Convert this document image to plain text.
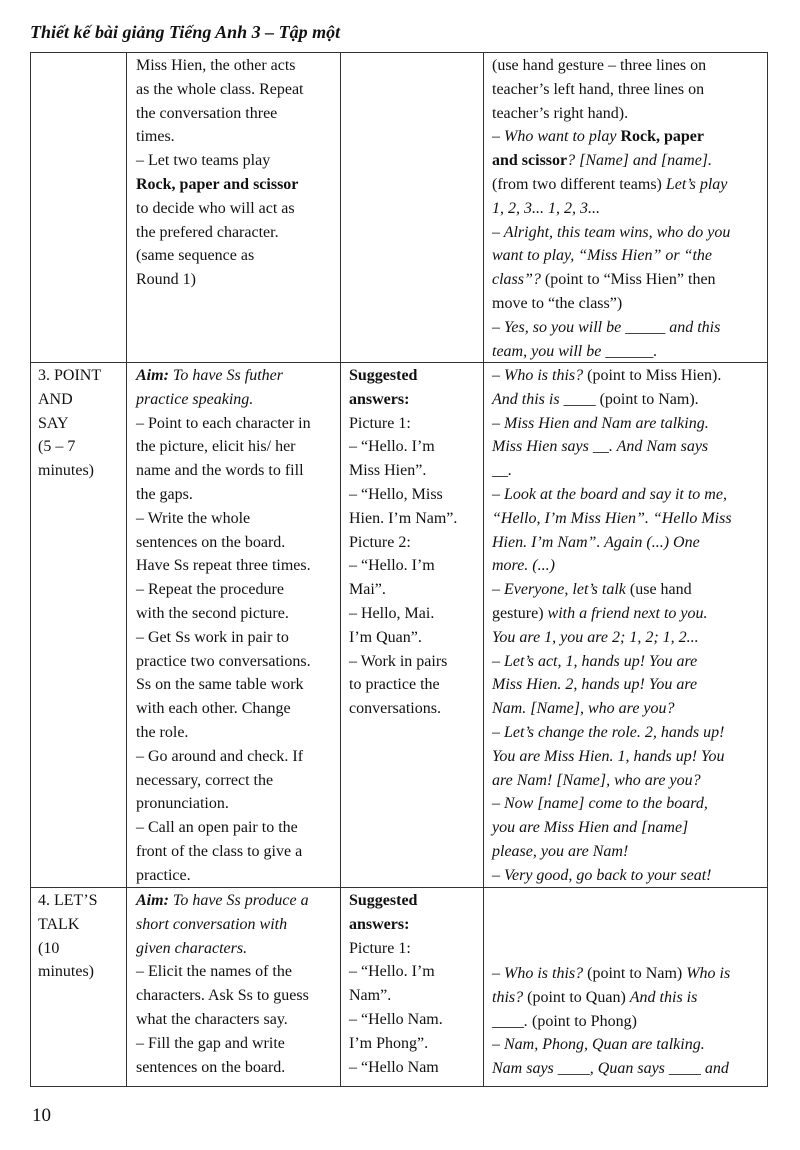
Thiết kế bài giảng Tiếng Anh 3 – Tập một

Miss Hien, the other acts

as the whole class. Repeat

the conversation three

times.

– Let two teams play

Rock, paper and scissor

to decide who will act as

the prefered character.

(same sequence as

Round 1)

(use hand gesture – three lines on

teacher’s left hand, three lines on

teacher’s right hand).

– Who want to play Rock, paper

and scissor? [Name] and [name].

(from two different teams) Let’s play

1, 2, 3... 1, 2, 3...

– Alright, this team wins, who do you

want to play, “Miss Hien” or “the

class”? (point to “Miss Hien” then

move to “the class”)

– Yes, so you will be _____ and this

team, you will be ______.

3. POINT

AND

SAY

(5 – 7

minutes)

Aim: To have Ss futher

practice speaking.

– Point to each character in

the picture, elicit his/ her

name and the words to fill

the gaps.

– Write the whole

sentences on the board.

Have Ss repeat three times.

– Repeat the procedure

with the second picture.

– Get Ss work in pair to

practice two conversations.

Ss on the same table work

with each other. Change

the role.

– Go around and check. If

necessary, correct the

pronunciation.

– Call an open pair to the

front of the class to give a

practice.

Suggested

answers:

Picture 1:

– “Hello. I’m

Miss Hien”.

– “Hello, Miss

Hien. I’m Nam”.

Picture 2:

– “Hello. I’m

Mai”.

– Hello, Mai.

I’m Quan”.

– Work in pairs

to practice the

conversations.

– Who is this? (point to Miss Hien).

And this is ____ (point to Nam).

– Miss Hien and Nam are talking.

Miss Hien says __. And Nam says

__.

– Look at the board and say it to me,

“Hello, I’m Miss Hien”. “Hello Miss

Hien. I’m Nam”. Again (...) One

more. (...)

– Everyone, let’s talk (use hand

gesture) with a friend next to you.

You are 1, you are 2; 1, 2; 1, 2...

– Let’s act, 1, hands up! You are

Miss Hien. 2, hands up! You are

Nam. [Name], who are you?

– Let’s change the role. 2, hands up!

You are Miss Hien. 1, hands up! You

are Nam! [Name], who are you?

– Now [name] come to the board,

you are Miss Hien and [name]

please, you are Nam!

– Very good, go back to your seat!

4. LET’S

TALK

(10

minutes)

Aim: To have Ss produce a

short conversation with

given characters.

– Elicit the names of the

characters. Ask Ss to guess

what the characters say.

– Fill the gap and write

sentences on the board.

Suggested

answers:

Picture 1:

– “Hello. I’m

Nam”.

– “Hello Nam.

I’m Phong”.

– “Hello Nam

– Who is this? (point to Nam) Who is

this? (point to Quan) And this is

____. (point to Phong)

– Nam, Phong, Quan are talking.

Nam says ____, Quan says ____ and

10
